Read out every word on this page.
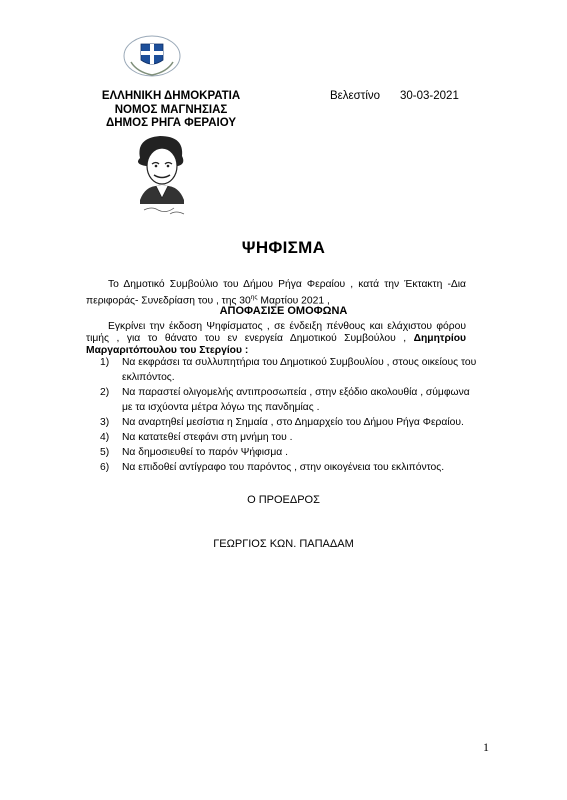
ΕΛΛΗΝΙΚΗ ΔΗΜΟΚΡΑΤΙΑ
ΝΟΜΟΣ ΜΑΓΝΗΣΙΑΣ
ΔΗΜΟΣ ΡΗΓΑ ΦΕΡΑΙΟΥ
Βελεστίνο 30-03-2021
ΨΗΦΙΣΜΑ
Το Δημοτικό Συμβούλιο του Δήμου Ρήγα Φεραίου , κατά την Έκτακτη -Δια περιφοράς- Συνεδρίαση του , της $30^{\eta\varsigma}$ Μαρτίου 2021 ,
ΑΠΟΦΑΣΙΣΕ ΟΜΟΦΩΝΑ
Εγκρίνει την έκδοση Ψηφίσματος , σε ένδειξη πένθους και ελάχιστου φόρου τιμής , για το θάνατο του εν ενεργεία Δημοτικού Συμβούλου , Δημητρίου Μαργαριτόπουλου του Στεργίου :
1) Να εκφράσει τα συλλυπητήρια του Δημοτικού Συμβουλίου , στους οικείους του εκλιπόντος.
2) Να παραστεί ολιγομελής αντιπροσωπεία , στην εξόδιο ακολουθία , σύμφωνα με τα ισχύοντα μέτρα λόγω της πανδημίας .
3) Να αναρτηθεί μεσίστια η Σημαία , στο Δημαρχείο του Δήμου Ρήγα Φεραίου.
4) Να κατατεθεί στεφάνι στη μνήμη του .
5) Να δημοσιευθεί το παρόν Ψήφισμα .
6) Να επιδοθεί αντίγραφο του παρόντος , στην οικογένεια του εκλιπόντος.
Ο ΠΡΟΕΔΡΟΣ
ΓΕΩΡΓΙΟΣ ΚΩΝ. ΠΑΠΑΔΑΜ
1
